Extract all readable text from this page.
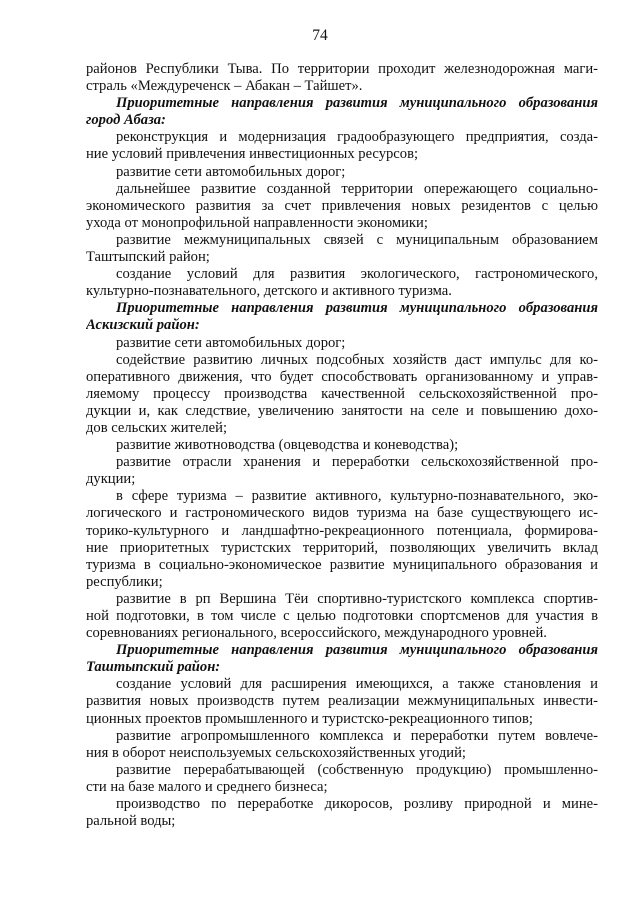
74
районов Республики Тыва. По территории проходит железнодорожная маги-
страль «Междуреченск – Абакан – Тайшет».
Приоритетные направления развития муниципального образования
город Абаза:
реконструкция и модернизация градообразующего предприятия, созда-
ние условий привлечения инвестиционных ресурсов;
развитие сети автомобильных дорог;
дальнейшее развитие созданной территории опережающего социально-
экономического развития за счет привлечения новых резидентов с целью
ухода от монопрофильной направленности экономики;
развитие межмуниципальных связей с муниципальным образованием
Таштыпский район;
создание условий для развития экологического, гастрономического,
культурно-познавательного, детского и активного туризма.
Приоритетные направления развития муниципального образования
Аскизский район:
развитие сети автомобильных дорог;
содействие развитию личных подсобных хозяйств даст импульс для ко-
оперативного движения, что будет способствовать организованному и управ-
ляемому процессу производства качественной сельскохозяйственной про-
дукции и, как следствие, увеличению занятости на селе и повышению дохо-
дов сельских жителей;
развитие животноводства (овцеводства и коневодства);
развитие отрасли хранения и переработки сельскохозяйственной про-
дукции;
в сфере туризма – развитие активного, культурно-познавательного, эко-
логического и гастрономического видов туризма на базе существующего ис-
торико-культурного и ландшафтно-рекреационного потенциала, формирова-
ние приоритетных туристских территорий, позволяющих увеличить вклад
туризма в социально-экономическое развитие муниципального образования и
республики;
развитие в рп Вершина Тёи спортивно-туристского комплекса спортив-
ной подготовки, в том числе с целью подготовки спортсменов для участия в
соревнованиях регионального, всероссийского, международного уровней.
Приоритетные направления развития муниципального образования
Таштыпский район:
создание условий для расширения имеющихся, а также становления и
развития новых производств путем реализации межмуниципальных инвести-
ционных проектов промышленного и туристско-рекреационного типов;
развитие агропромышленного комплекса и переработки путем вовлече-
ния в оборот неиспользуемых сельскохозяйственных угодий;
развитие перерабатывающей (собственную продукцию) промышленно-
сти на базе малого и среднего бизнеса;
производство по переработке дикоросов, розливу природной и мине-
ральной воды;
